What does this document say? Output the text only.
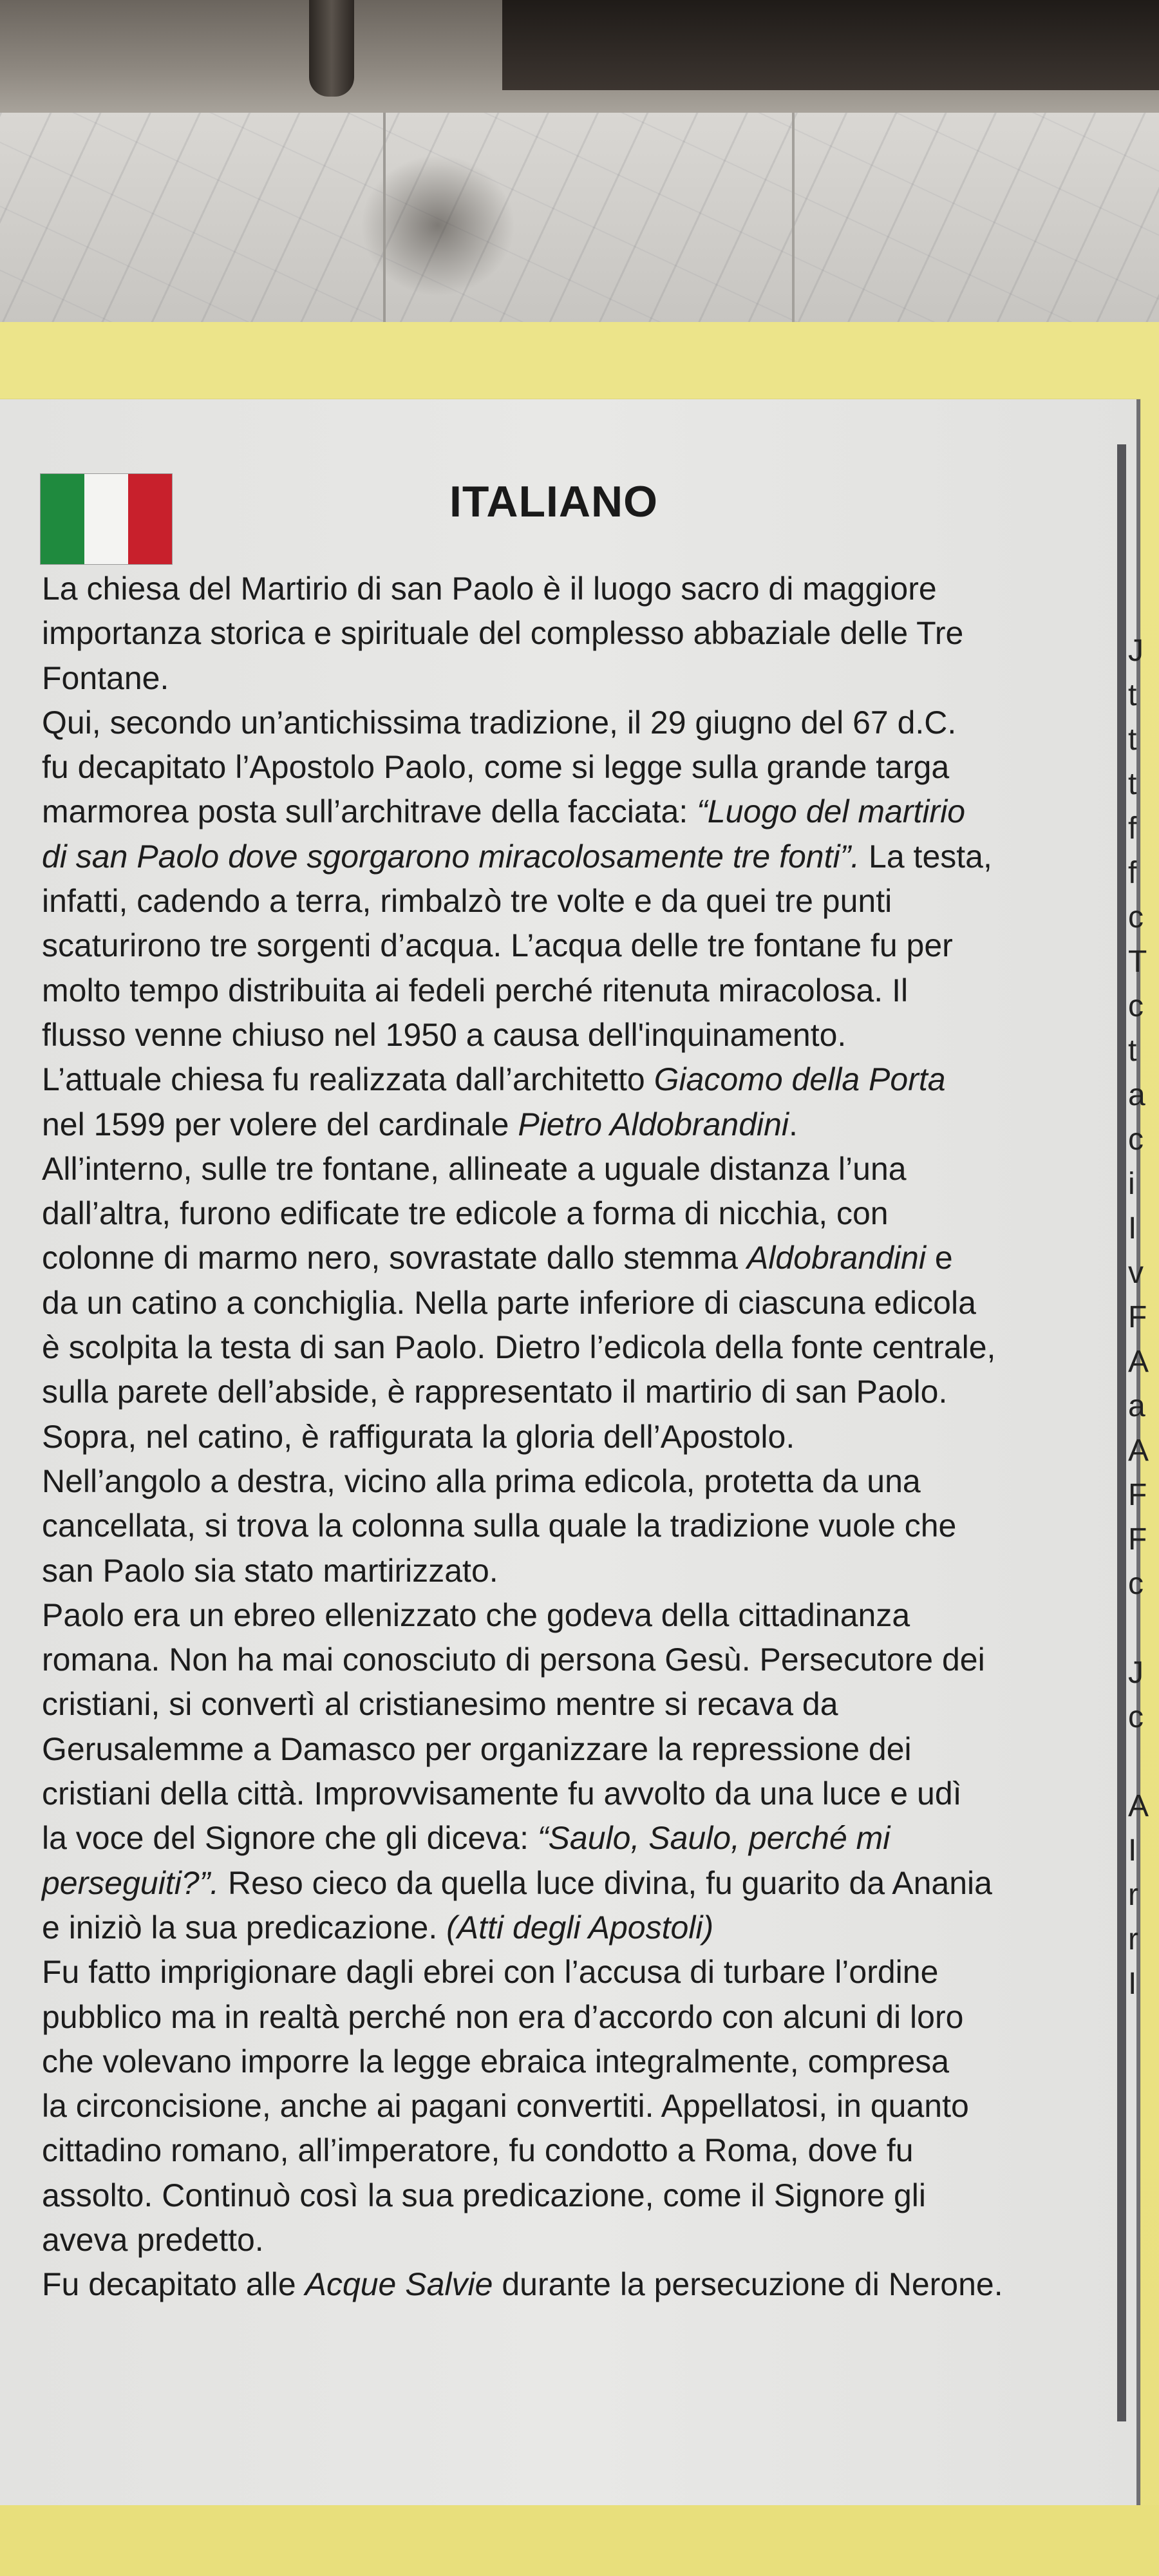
J
t
t
t
f
f
c
T
c
t
a
c
i
I
v
F
A
a
A
F
F
c

J
c

A
I
r
r
I
ITALIANO
La chiesa del Martirio di san Paolo è il luogo sacro di maggiore
importanza storica e spirituale del complesso abbaziale delle Tre
Fontane.
Qui, secondo un’antichissima tradizione, il 29 giugno del 67 d.C.
fu decapitato l’Apostolo Paolo, come si legge sulla grande targa
marmorea posta sull’architrave della facciata: “Luogo del martirio
di san Paolo dove sgorgarono miracolosamente tre fonti”. La testa,
infatti, cadendo a terra, rimbalzò tre volte e da quei tre punti
scaturirono tre sorgenti d’acqua. L’acqua delle tre fontane fu per
molto tempo distribuita ai fedeli perché ritenuta miracolosa. Il
flusso venne chiuso nel 1950 a causa dell'inquinamento.
L’attuale chiesa fu realizzata dall’architetto Giacomo della Porta
nel 1599 per volere del cardinale Pietro Aldobrandini.
All’interno, sulle tre fontane, allineate a uguale distanza l’una
dall’altra, furono edificate tre edicole a forma di nicchia, con
colonne di marmo nero, sovrastate dallo stemma Aldobrandini e
da un catino a conchiglia. Nella parte inferiore di ciascuna edicola
è scolpita la testa di san Paolo. Dietro l’edicola della fonte centrale,
sulla parete dell’abside, è rappresentato il martirio di san Paolo.
Sopra, nel catino, è raffigurata la gloria dell’Apostolo.
Nell’angolo a destra, vicino alla prima edicola, protetta da una
cancellata, si trova la colonna sulla quale la tradizione vuole che
san Paolo sia stato martirizzato.
Paolo era un ebreo ellenizzato che godeva della cittadinanza
romana. Non ha mai conosciuto di persona Gesù. Persecutore dei
cristiani, si convertì al cristianesimo mentre si recava da
Gerusalemme a Damasco per organizzare la repressione dei
cristiani della città. Improvvisamente fu avvolto da una luce e udì
la voce del Signore che gli diceva: “Saulo, Saulo, perché mi
perseguiti?”. Reso cieco da quella luce divina, fu guarito da Anania
e iniziò la sua predicazione. (Atti degli Apostoli)
Fu fatto imprigionare dagli ebrei con l’accusa di turbare l’ordine
pubblico ma in realtà perché non era d’accordo con alcuni di loro
che volevano imporre la legge ebraica integralmente, compresa
la circoncisione, anche ai pagani convertiti. Appellatosi, in quanto
cittadino romano, all’imperatore, fu condotto a Roma, dove fu
assolto. Continuò così la sua predicazione, come il Signore gli
aveva predetto.
Fu decapitato alle Acque Salvie durante la persecuzione di Nerone.
